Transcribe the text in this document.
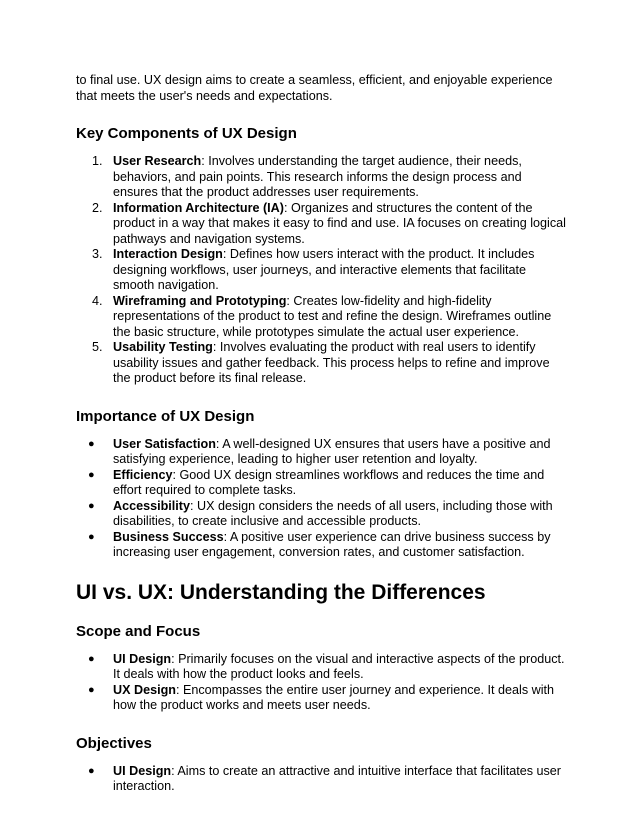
to final use. UX design aims to create a seamless, efficient, and enjoyable experience that meets the user's needs and expectations.

Key Components of UX Design
1. User Research: Involves understanding the target audience, their needs, behaviors, and pain points. This research informs the design process and ensures that the product addresses user requirements.
2. Information Architecture (IA): Organizes and structures the content of the product in a way that makes it easy to find and use. IA focuses on creating logical pathways and navigation systems.
3. Interaction Design: Defines how users interact with the product. It includes designing workflows, user journeys, and interactive elements that facilitate smooth navigation.
4. Wireframing and Prototyping: Creates low-fidelity and high-fidelity representations of the product to test and refine the design. Wireframes outline the basic structure, while prototypes simulate the actual user experience.
5. Usability Testing: Involves evaluating the product with real users to identify usability issues and gather feedback. This process helps to refine and improve the product before its final release.
Importance of UX Design
● User Satisfaction: A well-designed UX ensures that users have a positive and satisfying experience, leading to higher user retention and loyalty.
● Efficiency: Good UX design streamlines workflows and reduces the time and effort required to complete tasks.
● Accessibility: UX design considers the needs of all users, including those with disabilities, to create inclusive and accessible products.
● Business Success: A positive user experience can drive business success by increasing user engagement, conversion rates, and customer satisfaction.
UI vs. UX: Understanding the Differences
Scope and Focus
● UI Design: Primarily focuses on the visual and interactive aspects of the product. It deals with how the product looks and feels.
● UX Design: Encompasses the entire user journey and experience. It deals with how the product works and meets user needs.
Objectives
● UI Design: Aims to create an attractive and intuitive interface that facilitates user interaction.
